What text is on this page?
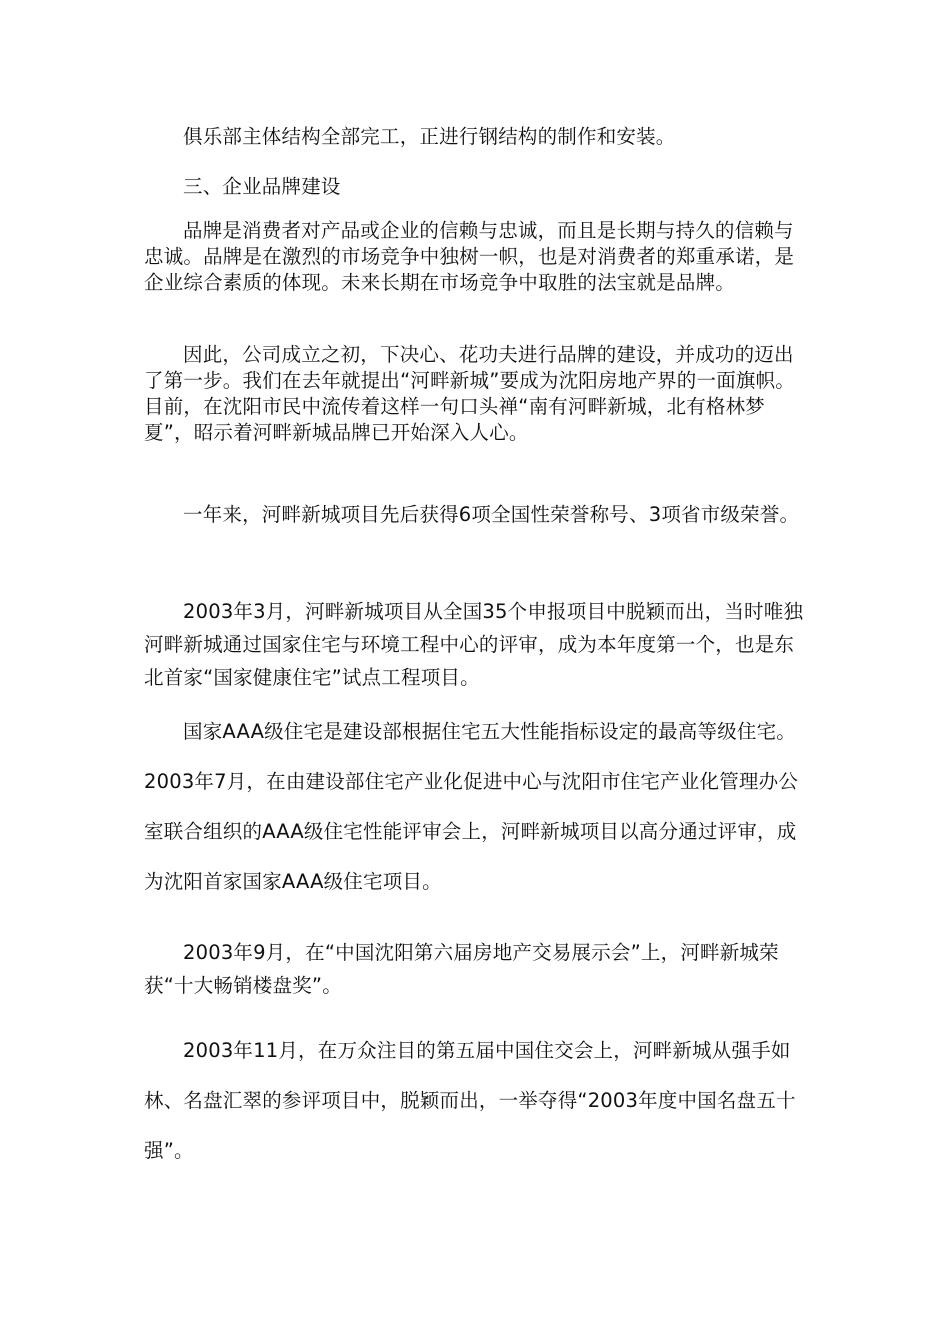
俱乐部主体结构全部完工，正进行钢结构的制作和安装。

三、企业品牌建设

品牌是消费者对产品或企业的信赖与忠诚，而且是长期与持久的信赖与忠诚。品牌是在激烈的市场竞争中独树一帜，也是对消费者的郑重承诺，是企业综合素质的体现。未来长期在市场竞争中取胜的法宝就是品牌。

因此，公司成立之初，下决心、花功夫进行品牌的建设，并成功的迈出了第一步。我们在去年就提出“河畔新城”要成为沈阳房地产界的一面旗帜。目前，在沈阳市民中流传着这样一句口头禅“南有河畔新城，北有格林梦夏”，昭示着河畔新城品牌已开始深入人心。

一年来，河畔新城项目先后获得6项全国性荣誉称号、3项省市级荣誉。

2003年3月，河畔新城项目从全国35个申报项目中脱颖而出，当时唯独河畔新城通过国家住宅与环境工程中心的评审，成为本年度第一个，也是东北首家“国家健康住宅”试点工程项目。

国家AAA级住宅是建设部根据住宅五大性能指标设定的最高等级住宅。2003年7月，在由建设部住宅产业化促进中心与沈阳市住宅产业化管理办公室联合组织的AAA级住宅性能评审会上，河畔新城项目以高分通过评审，成为沈阳首家国家AAA级住宅项目。

2003年9月，在“中国沈阳第六届房地产交易展示会”上，河畔新城荣获“十大畅销楼盘奖”。

2003年11月，在万众注目的第五届中国住交会上，河畔新城从强手如林、名盘汇翠的参评项目中，脱颖而出，一举夺得“2003年度中国名盘五十强”。
